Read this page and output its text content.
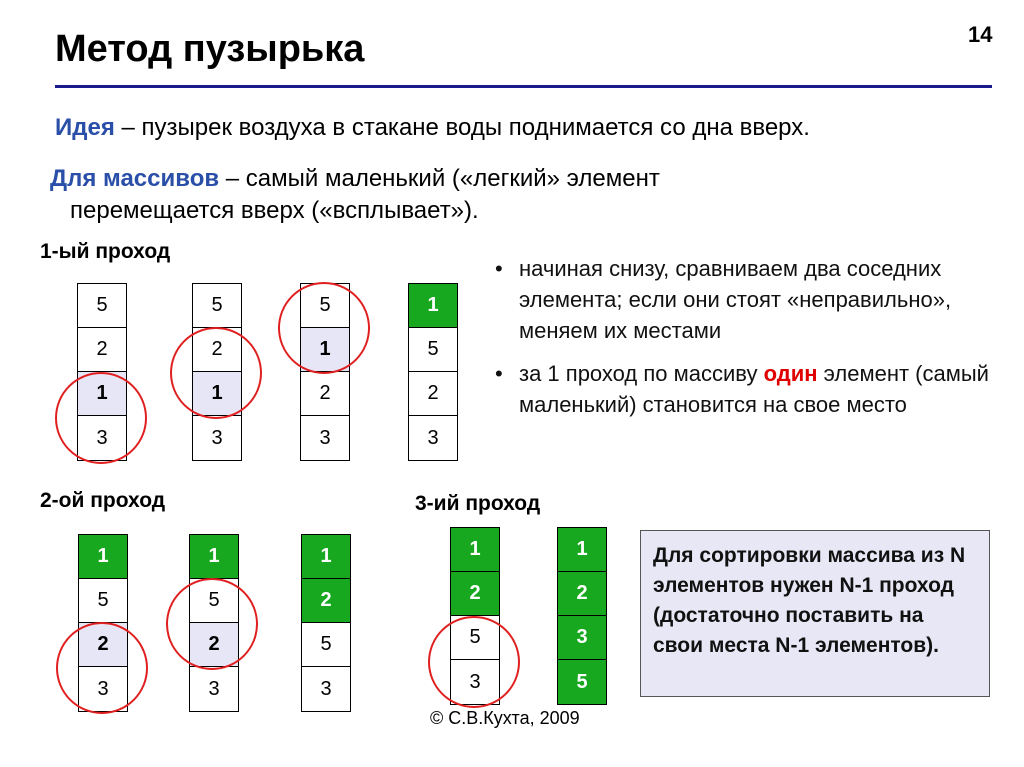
Метод пузырька	14
Идея – пузырек воздуха в стакане воды поднимается со дна вверх.
Для массивов – самый маленький («легкий» элемент
перемещается вверх («всплывает»).
1-ый проход
2-ой проход	3-ий проход
5
2
1
3
5
2
1
3
5
1
2
3
1
5
2
3
1
5
2
3
1
5
2
3
1
2
5
3
1
2
5
3
1
2
3
5
• начиная снизу, сравниваем два соседних элемента; если они стоят «неправильно», меняем их местами
• за 1 проход по массиву один элемент (самый маленький) становится на свое место
Для сортировки массива из N элементов нужен N-1 проход (достаточно поставить на свои места N-1 элементов).
© С.В.Кухта, 2009
